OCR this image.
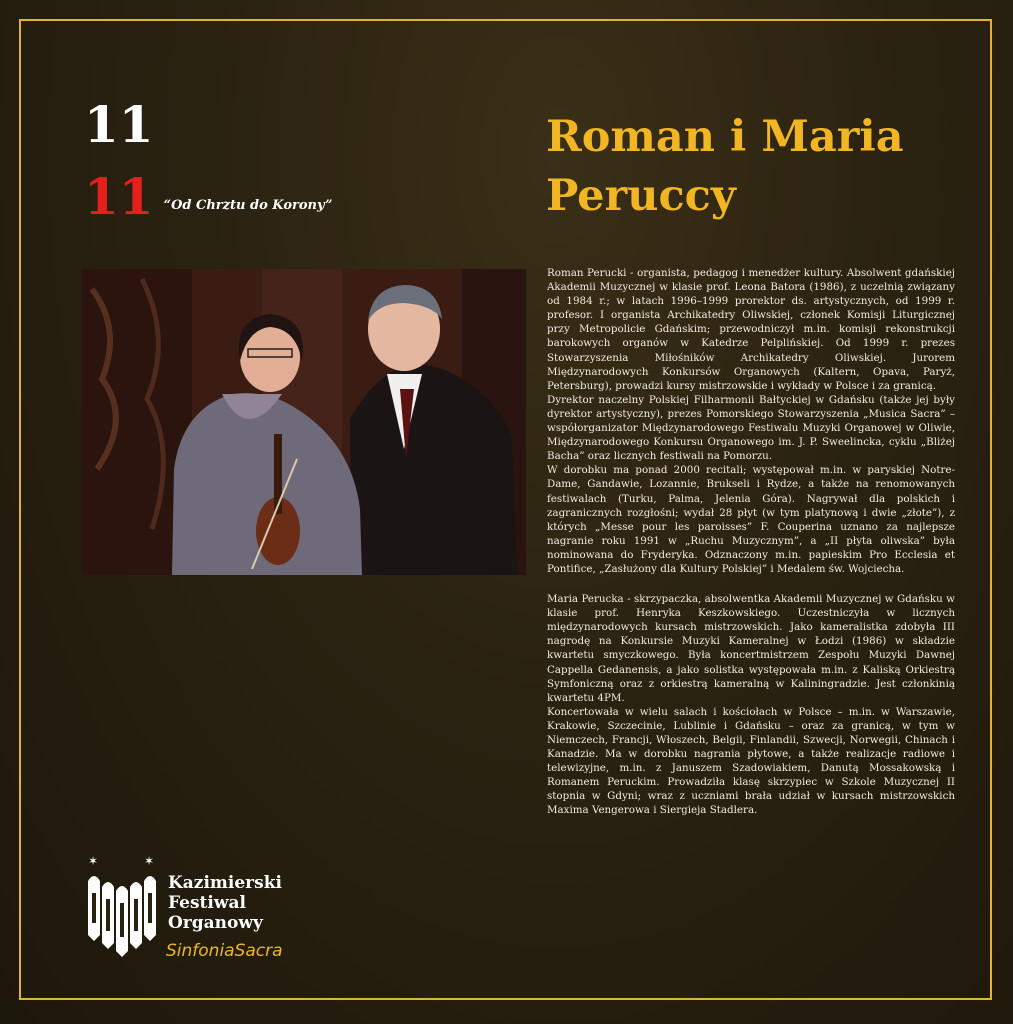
11
11 “Od Chrztu do Korony”
Roman i Maria Peruccy

Roman Perucki - organista, pedagog i menedżer kultury. Absolwent gdańskiej Akademii Muzycznej w klasie prof. Leona Batora (1986), z uczelnią związany od 1984 r.; w latach 1996–1999 prorektor ds. artystycznych, od 1999 r. profesor. I organista Archikatedry Oliwskiej, członek Komisji Liturgicznej przy Metropolicie Gdańskim; przewodniczył m.in. komisji rekonstrukcji barokowych organów w Katedrze Pelplińskiej. Od 1999 r. prezes Stowarzyszenia Miłośników Archikatedry Oliwskiej. Jurorem Międzynarodowych Konkursów Organowych (Kaltern, Opava, Paryż, Petersburg), prowadzi kursy mistrzowskie i wykłady w Polsce i za granicą.

Dyrektor naczelny Polskiej Filharmonii Bałtyckiej w Gdańsku (także jej były dyrektor artystyczny), prezes Pomorskiego Stowarzyszenia „Musica Sacra” – współorganizator Międzynarodowego Festiwalu Muzyki Organowej w Oliwie, Międzynarodowego Konkursu Organowego im. J. P. Sweelincka, cyklu „Bliżej Bacha” oraz licznych festiwali na Pomorzu.

W dorobku ma ponad 2000 recitali; występował m.in. w paryskiej Notre-Dame, Gandawie, Lozannie, Brukseli i Rydze, a także na renomowanych festiwalach (Turku, Palma, Jelenia Góra). Nagrywał dla polskich i zagranicznych rozgłośni; wydał 28 płyt (w tym platynową i dwie „złote”), z których „Messe pour les paroisses” F. Couperina uznano za najlepsze nagranie roku 1991 w „Ruchu Muzycznym”, a „II płyta oliwska” była nominowana do Fryderyka. Odznaczony m.in. papieskim Pro Ecclesia et Pontifice, „Zasłużony dla Kultury Polskiej” i Medalem św. Wojciecha.

Maria Perucka - skrzypaczka, absolwentka Akademii Muzycznej w Gdańsku w klasie prof. Henryka Keszkowskiego. Uczestniczyła w licznych międzynarodowych kursach mistrzowskich. Jako kameralistka zdobyła III nagrodę na Konkursie Muzyki Kameralnej w Łodzi (1986) w składzie kwartetu smyczkowego. Była koncertmistrzem Zespołu Muzyki Dawnej Cappella Gedanensis, a jako solistka występowała m.in. z Kaliską Orkiestrą Symfoniczną oraz z orkiestrą kameralną w Kaliningradzie. Jest członkinią kwartetu 4PM.

Koncertowała w wielu salach i kościołach w Polsce – m.in. w Warszawie, Krakowie, Szczecinie, Lublinie i Gdańsku – oraz za granicą, w tym w Niemczech, Francji, Włoszech, Belgii, Finlandii, Szwecji, Norwegii, Chinach i Kanadzie. Ma w dorobku nagrania płytowe, a także realizacje radiowe i telewizyjne, m.in. z Januszem Szadowiakiem, Danutą Mossakowską i Romanem Peruckim. Prowadziła klasę skrzypiec w Szkole Muzycznej II stopnia w Gdyni; wraz z uczniami brała udział w kursach mistrzowskich Maxima Vengerowa i Siergieja Stadlera.

✶	✶
Kazimierski
Festiwal
Organowy
SinfoniaSacra
